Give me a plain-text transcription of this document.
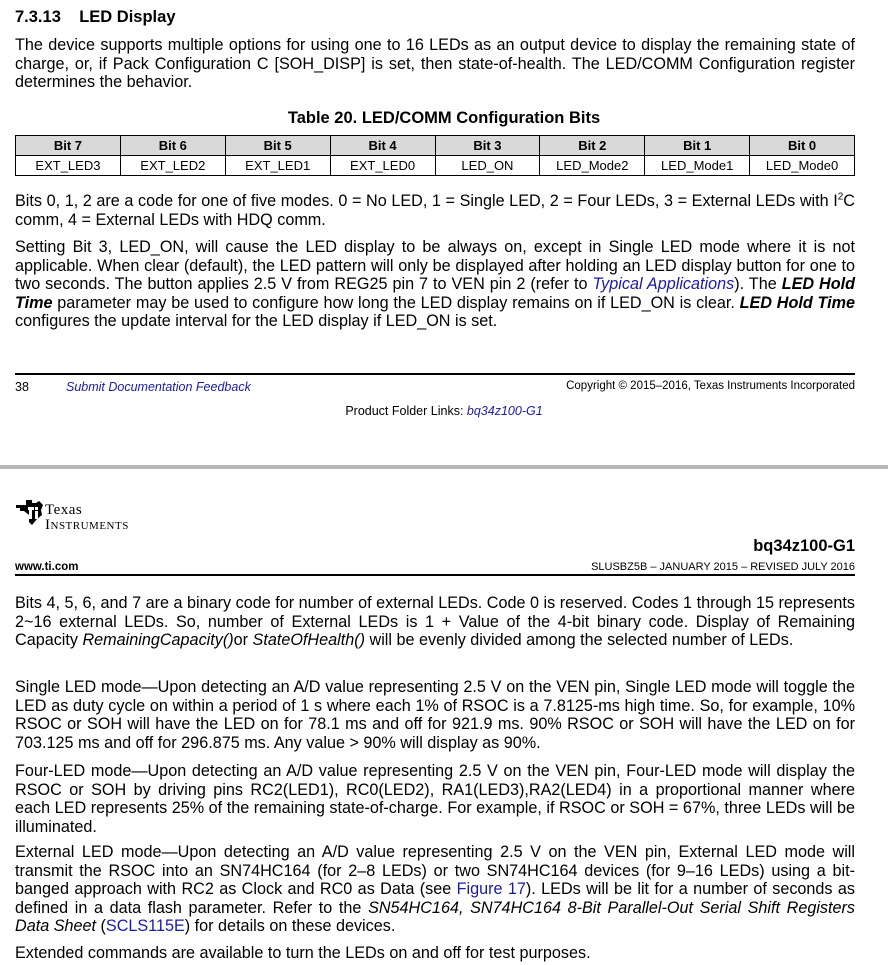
7.3.13 LED Display

The device supports multiple options for using one to 16 LEDs as an output device to display the remaining state of charge, or, if Pack Configuration C [SOH_DISP] is set, then state-of-health. The LED/COMM Configuration register determines the behavior.

Table 20. LED/COMM Configuration Bits
Bit 7	Bit 6	Bit 5	Bit 4	Bit 3	Bit 2	Bit 1	Bit 0
EXT_LED3	EXT_LED2	EXT_LED1	EXT_LED0	LED_ON	LED_Mode2	LED_Mode1	LED_Mode0

Bits 0, 1, 2 are a code for one of five modes. 0 = No LED, 1 = Single LED, 2 = Four LEDs, 3 = External LEDs with $I^2C$ comm, 4 = External LEDs with HDQ comm.

Setting Bit 3, LED_ON, will cause the LED display to be always on, except in Single LED mode where it is not applicable. When clear (default), the LED pattern will only be displayed after holding an LED display button for one to two seconds. The button applies 2.5 V from REG25 pin 7 to VEN pin 2 (refer to Typical Applications). The LED Hold Time parameter may be used to configure how long the LED display remains on if LED_ON is clear. LED Hold Time configures the update interval for the LED display if LED_ON is set.

38	Submit Documentation Feedback	Copyright © 2015–2016, Texas Instruments Incorporated
Product Folder Links: bq34z100-G1
Texas
Instruments
bq34z100-G1
www.ti.com	SLUSBZ5B – JANUARY 2015 – REVISED JULY 2016

Bits 4, 5, 6, and 7 are a binary code for number of external LEDs. Code 0 is reserved. Codes 1 through 15 represents 2~16 external LEDs. So, number of External LEDs is 1 + Value of the 4-bit binary code. Display of Remaining Capacity RemainingCapacity()or StateOfHealth() will be evenly divided among the selected number of LEDs.

Single LED mode—Upon detecting an A/D value representing 2.5 V on the VEN pin, Single LED mode will toggle the LED as duty cycle on within a period of 1 s where each 1% of RSOC is a 7.8125-ms high time. So, for example, 10% RSOC or SOH will have the LED on for 78.1 ms and off for 921.9 ms. 90% RSOC or SOH will have the LED on for 703.125 ms and off for 296.875 ms. Any value > 90% will display as 90%.

Four-LED mode—Upon detecting an A/D value representing 2.5 V on the VEN pin, Four-LED mode will display the RSOC or SOH by driving pins RC2(LED1), RC0(LED2), RA1(LED3),RA2(LED4) in a proportional manner where each LED represents 25% of the remaining state-of-charge. For example, if RSOC or SOH = 67%, three LEDs will be illuminated.

External LED mode—Upon detecting an A/D value representing 2.5 V on the VEN pin, External LED mode will transmit the RSOC into an SN74HC164 (for 2–8 LEDs) or two SN74HC164 devices (for 9–16 LEDs) using a bit-banged approach with RC2 as Clock and RC0 as Data (see Figure 17). LEDs will be lit for a number of seconds as defined in a data flash parameter. Refer to the SN54HC164, SN74HC164 8-Bit Parallel-Out Serial Shift Registers Data Sheet (SCLS115E) for details on these devices.

Extended commands are available to turn the LEDs on and off for test purposes.
